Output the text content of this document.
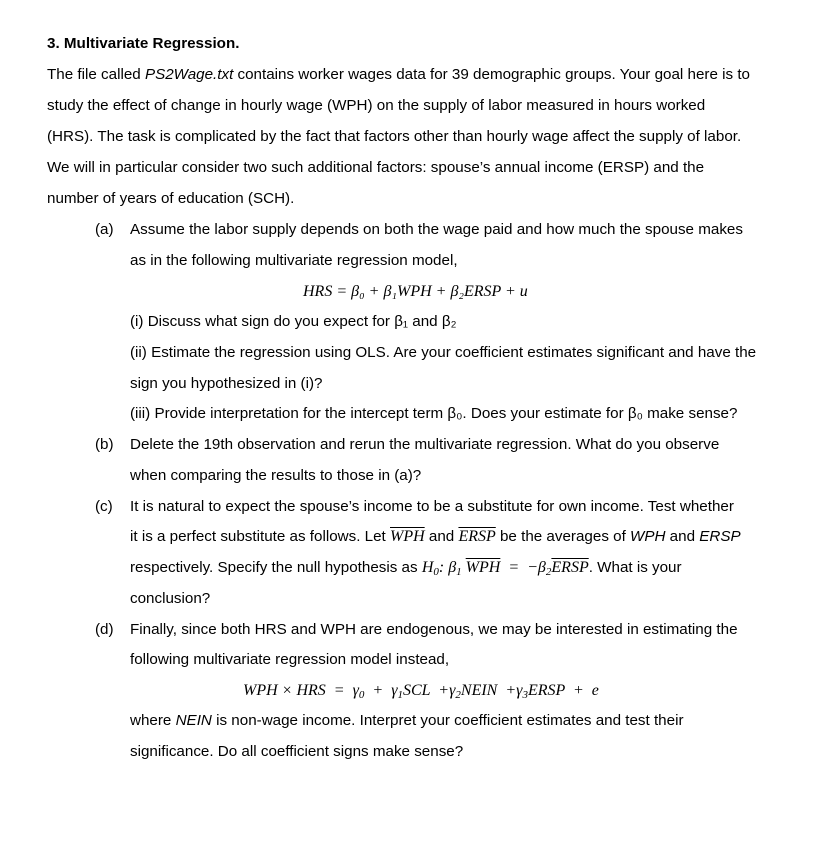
3. Multivariate Regression.
The file called PS2Wage.txt contains worker wages data for 39 demographic groups. Your goal here is to
study the effect of change in hourly wage (WPH) on the supply of labor measured in hours worked
(HRS). The task is complicated by the fact that factors other than hourly wage affect the supply of labor.
We will in particular consider two such additional factors: spouse’s annual income (ERSP) and the
number of years of education (SCH).
(a) Assume the labor supply depends on both the wage paid and how much the spouse makes
as in the following multivariate regression model,
HRS = β₀ + β₁WPH + β₂ERSP + u
(i) Discuss what sign do you expect for β₁ and β₂
(ii) Estimate the regression using OLS. Are your coefficient estimates significant and have the
sign you hypothesized in (i)?
(iii) Provide interpretation for the intercept term β₀. Does your estimate for β₀ make sense?
(b) Delete the 19th observation and rerun the multivariate regression. What do you observe
when comparing the results to those in (a)?
(c) It is natural to expect the spouse’s income to be a substitute for own income. Test whether
it is a perfect substitute as follows. Let $\overline{WPH}$ and ERSP be the averages of WPH and ERSP
respectively. Specify the null hypothesis as $H_0$: $\beta_1$ $\overline{WPH}$  =  $-\beta_2ERSP$. What is your
conclusion?
(d) Finally, since both HRS and WPH are endogenous, we may be interested in estimating the
following multivariate regression model instead,
WPH × HRS  =  $\gamma_0 + \gamma_1SCL$  $+\gamma_2NEIN$  $+\gamma_3ERSP + e$
where NEIN is non-wage income. Interpret your coefficient estimates and test their
significance. Do all coefficient signs make sense?
